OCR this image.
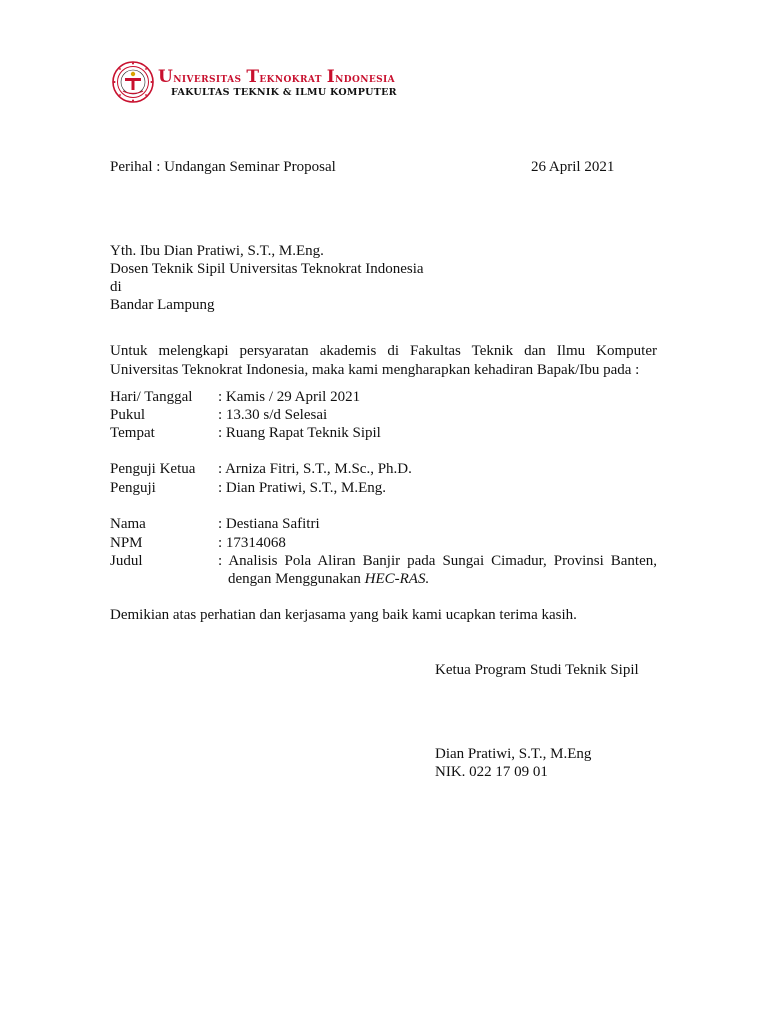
Universitas Teknokrat Indonesia
FAKULTAS TEKNIK & ILMU KOMPUTER
Perihal : Undangan Seminar Proposal	26 April 2021
Yth. Ibu Dian Pratiwi, S.T., M.Eng.
Dosen Teknik Sipil Universitas Teknokrat Indonesia
di
Bandar Lampung
Untuk melengkapi persyaratan akademis di Fakultas Teknik dan Ilmu Komputer Universitas Teknokrat Indonesia, maka kami mengharapkan kehadiran Bapak/Ibu pada :
Hari/ Tanggal : Kamis / 29 April 2021
Pukul	: 13.30 s/d Selesai
Tempat	: Ruang Rapat Teknik Sipil
Penguji Ketua : Arniza Fitri, S.T., M.Sc., Ph.D.
Penguji	: Dian Pratiwi, S.T., M.Eng.
Nama	: Destiana Safitri
NPM	: 17314068
Judul	: Analisis Pola Aliran Banjir pada Sungai Cimadur, Provinsi Banten,
dengan Menggunakan HEC-RAS.
Demikian atas perhatian dan kerjasama yang baik kami ucapkan terima kasih.
Ketua Program Studi Teknik Sipil
Dian Pratiwi, S.T., M.Eng
NIK. 022 17 09 01
